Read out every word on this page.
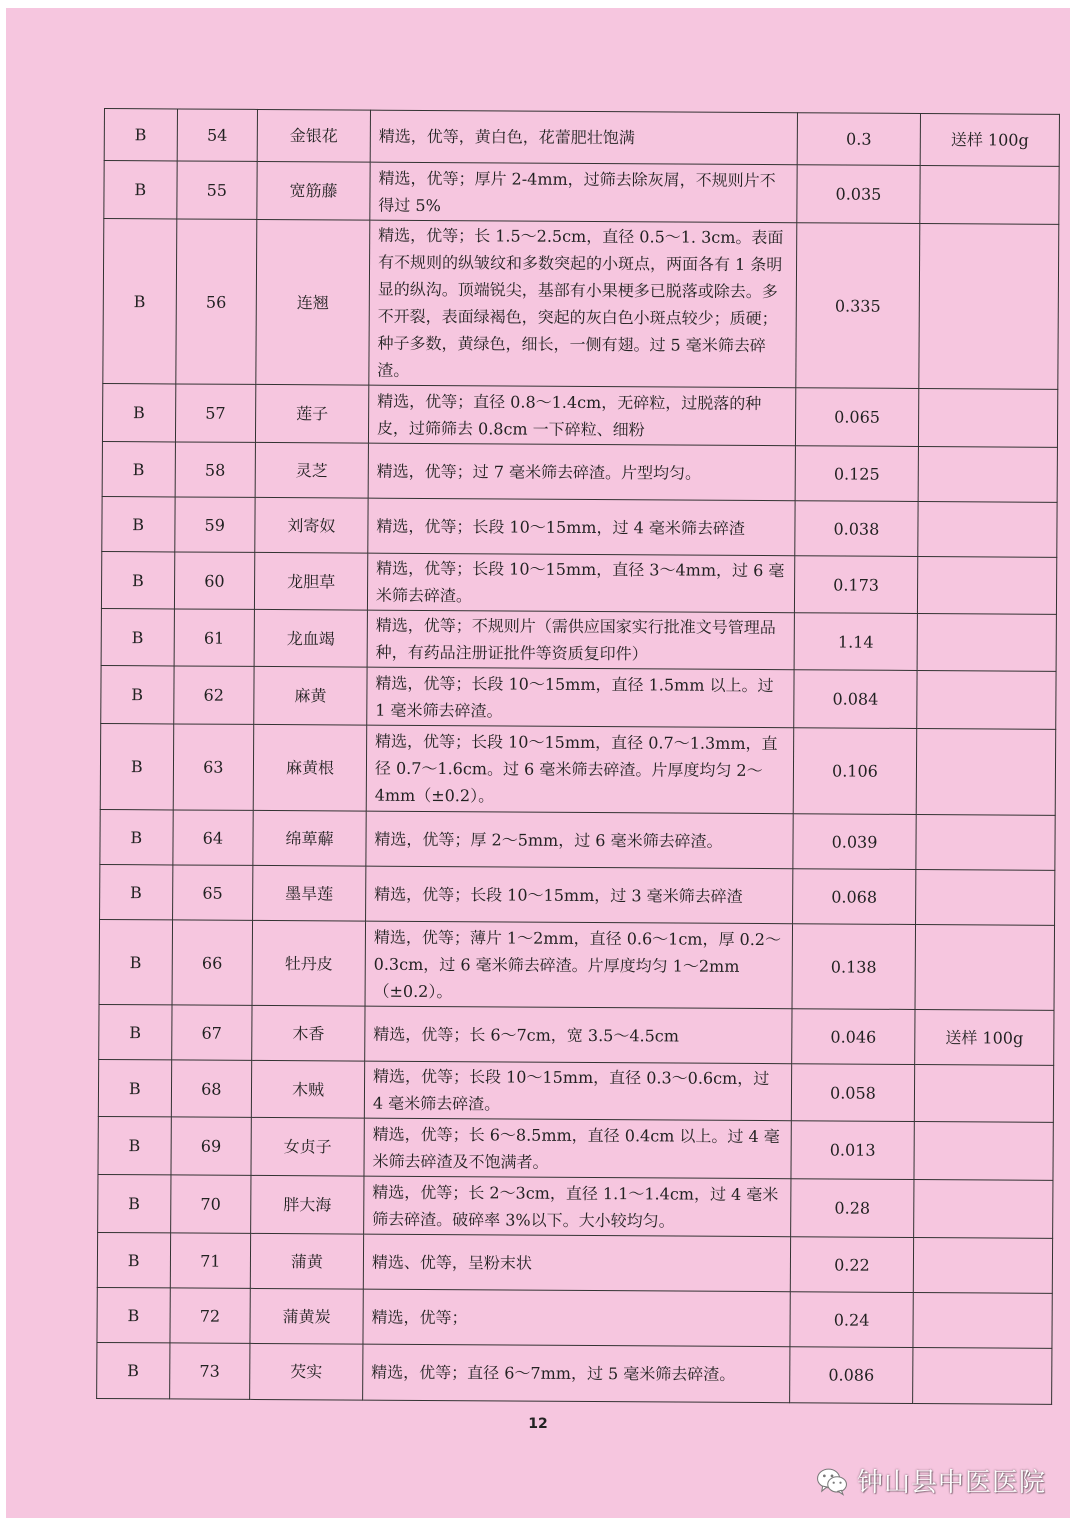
B	54	金银花	精选，优等，黄白色，花蕾肥壮饱满	0.3	送样 100g
B	55	宽筋藤	精选，优等；厚片 2-4mm，过筛去除灰屑，不规则片不得过 5%	0.035	
B	56	连翘	精选，优等；长 1.5～2.5cm，直径 0.5～1. 3cm。表面有不规则的纵皱纹和多数突起的小斑点，两面各有 1 条明显的纵沟。顶端锐尖，基部有小果梗多已脱落或除去。多不开裂，表面绿褐色，突起的灰白色小斑点较少；质硬；种子多数，黄绿色，细长，一侧有翅。过 5 毫米筛去碎渣。	0.335	
B	57	莲子	精选，优等；直径 0.8～1.4cm，无碎粒，过脱落的种皮，过筛筛去 0.8cm 一下碎粒、细粉	0.065	
B	58	灵芝	精选，优等；过 7 毫米筛去碎渣。片型均匀。	0.125	
B	59	刘寄奴	精选，优等；长段 10～15mm，过 4 毫米筛去碎渣	0.038	
B	60	龙胆草	精选，优等；长段 10～15mm，直径 3～4mm，过 6 毫米筛去碎渣。	0.173	
B	61	龙血竭	精选，优等；不规则片（需供应国家实行批准文号管理品种，有药品注册证批件等资质复印件）	1.14	
B	62	麻黄	精选，优等；长段 10～15mm，直径 1.5mm 以上。过 1 毫米筛去碎渣。	0.084	
B	63	麻黄根	精选，优等；长段 10～15mm，直径 0.7～1.3mm，直径 0.7～1.6cm。过 6 毫米筛去碎渣。片厚度均匀 2～4mm（±0.2）。	0.106	
B	64	绵萆薢	精选，优等；厚 2～5mm，过 6 毫米筛去碎渣。	0.039	
B	65	墨旱莲	精选，优等；长段 10～15mm，过 3 毫米筛去碎渣	0.068	
B	66	牡丹皮	精选，优等；薄片 1～2mm，直径 0.6～1cm，厚 0.2～0.3cm，过 6 毫米筛去碎渣。片厚度均匀 1～2mm（±0.2）。	0.138	
B	67	木香	精选，优等；长 6～7cm，宽 3.5～4.5cm	0.046	送样 100g
B	68	木贼	精选，优等；长段 10～15mm，直径 0.3～0.6cm，过 4 毫米筛去碎渣。	0.058	
B	69	女贞子	精选，优等；长 6～8.5mm，直径 0.4cm 以上。过 4 毫米筛去碎渣及不饱满者。	0.013	
B	70	胖大海	精选，优等；长 2～3cm，直径 1.1～1.4cm，过 4 毫米筛去碎渣。破碎率 3%以下。大小较均匀。	0.28	
B	71	蒲黄	精选、优等，呈粉末状	0.22	
B	72	蒲黄炭	精选，优等；	0.24	
B	73	芡实	精选，优等；直径 6～7mm，过 5 毫米筛去碎渣。	0.086	
12
钟山县中医医院
